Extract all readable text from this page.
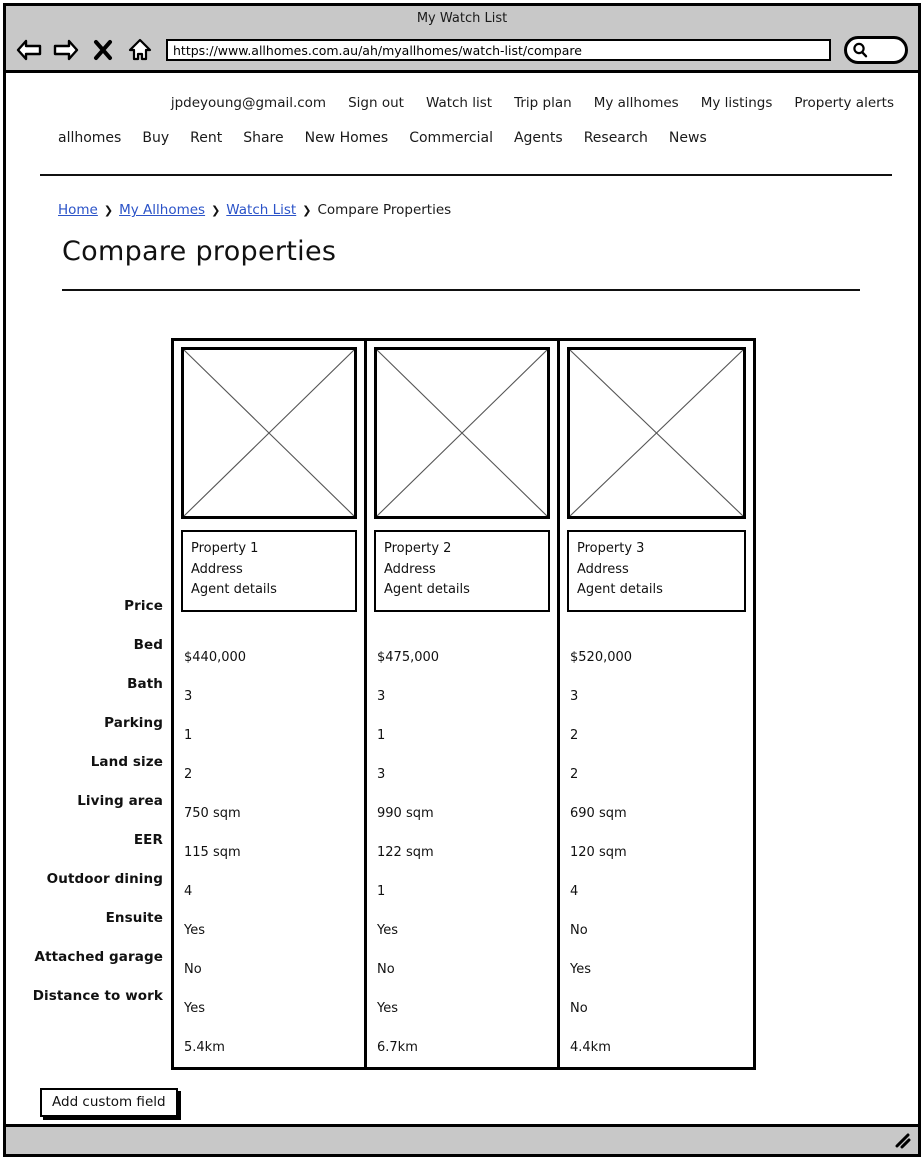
My Watch List
https://www.allhomes.com.au/ah/myallhomes/watch-list/compare
jpdeyoung@gmail.com Sign out Watch list Trip plan My allhomes My listings Property alerts
allhomes Buy Rent Share New Homes Commercial Agents Research News
Home ❯ My Allhomes ❯ Watch List ❯ Compare Properties
Compare properties
Price
Bed
Bath
Parking
Land size
Living area
EER
Outdoor dining
Ensuite
Attached garage
Distance to work
Property 1
Address
Agent details
$440,000
3
1
2
750 sqm
115 sqm
4
Yes
No
Yes
5.4km
Property 2
Address
Agent details
$475,000
3
1
3
990 sqm
122 sqm
1
Yes
No
Yes
6.7km
Property 3
Address
Agent details
$520,000
3
2
2
690 sqm
120 sqm
4
No
Yes
No
4.4km
Add custom field
